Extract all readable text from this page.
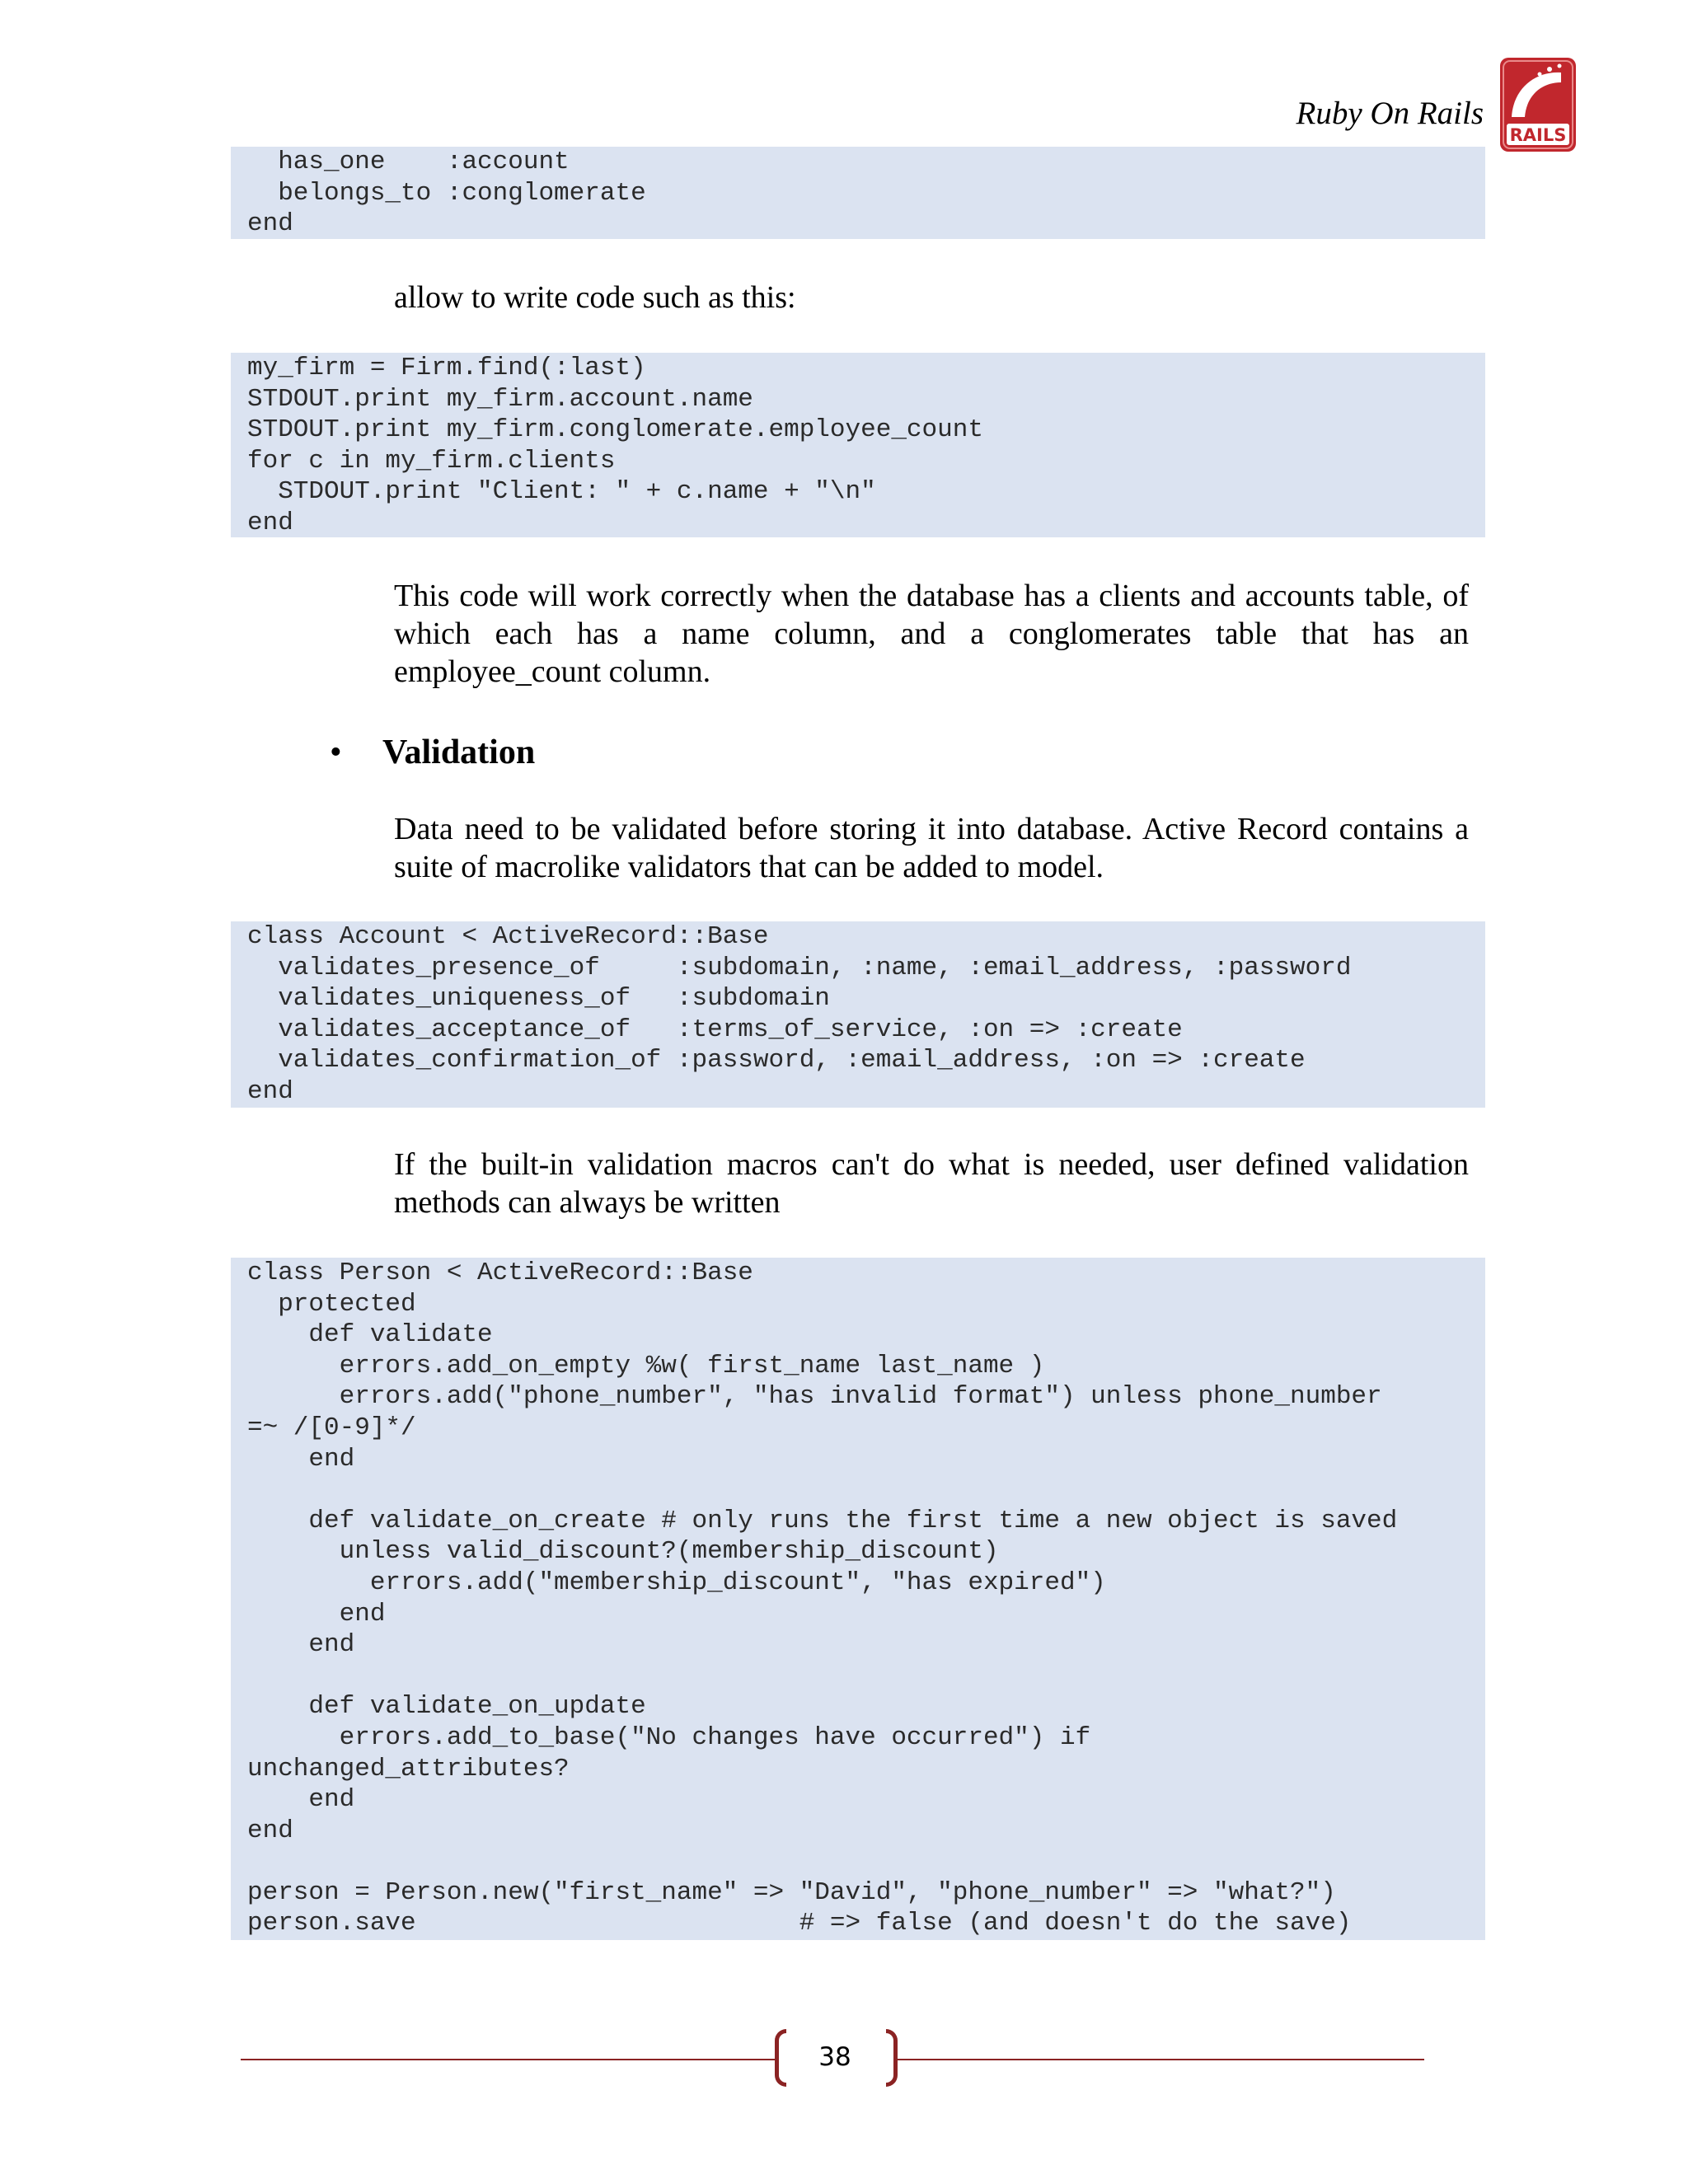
Ruby On Rails
RAILS
has_one    :account
belongs_to :conglomerate
end
allow to write code such as this:
my_firm = Firm.find(:last)
STDOUT.print my_firm.account.name
STDOUT.print my_firm.conglomerate.employee_count
for c in my_firm.clients
STDOUT.print "Client: " + c.name + "\n"
end
This code will work correctly when the database has a clients and accounts table, of which each has a name column, and a conglomerates table that has an employee_count column.
• Validation
Data need to be validated before storing it into database. Active Record contains a suite of macrolike validators that can be added to model.
class Account < ActiveRecord::Base
validates_presence_of     :subdomain, :name, :email_address, :password
validates_uniqueness_of   :subdomain
validates_acceptance_of   :terms_of_service, :on => :create
validates_confirmation_of :password, :email_address, :on => :create
end
If the built-in validation macros can't do what is needed, user defined validation methods can always be written
class Person < ActiveRecord::Base
protected
def validate
errors.add_on_empty %w( first_name last_name )
errors.add("phone_number", "has invalid format") unless phone_number
=~ /[0-9]*/
end
def validate_on_create # only runs the first time a new object is saved
unless valid_discount?(membership_discount)
errors.add("membership_discount", "has expired")
end
end
def validate_on_update
errors.add_to_base("No changes have occurred") if
unchanged_attributes?
end
end
person = Person.new("first_name" => "David", "phone_number" => "what?")
person.save                         # => false (and doesn't do the save)
38
